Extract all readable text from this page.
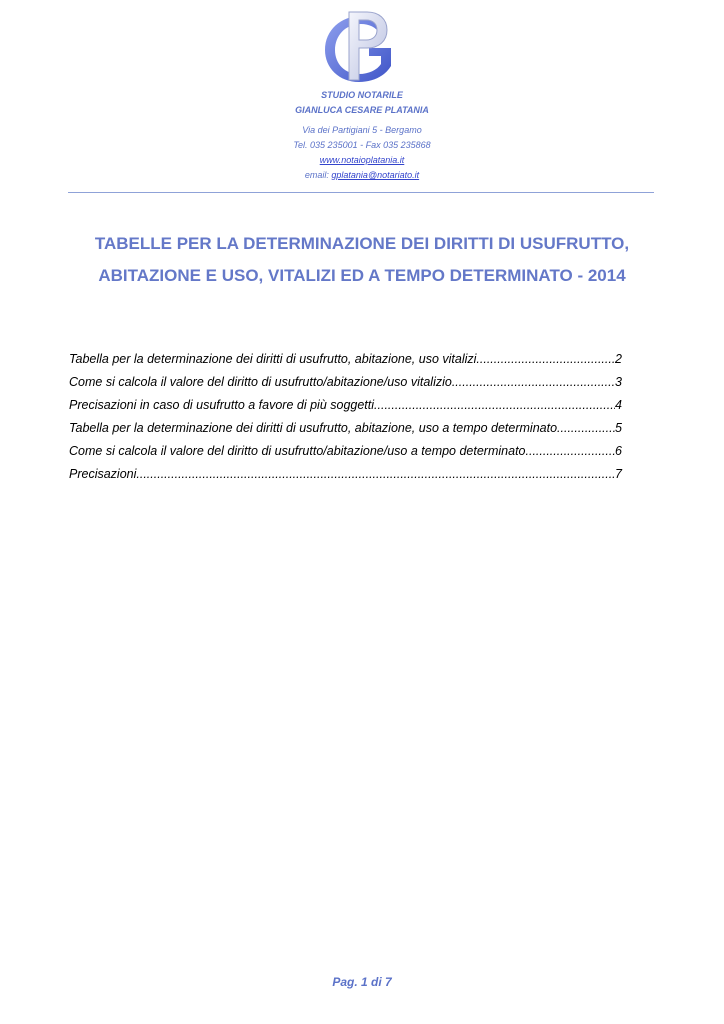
STUDIO NOTARILE
GIANLUCA CESARE PLATANIA
Via dei Partigiani 5 - Bergamo
Tel. 035 235001 - Fax 035 235868
www.notaioplatania.it
email: gplatania@notariato.it
TABELLE PER LA DETERMINAZIONE DEI DIRITTI DI USUFRUTTO,
ABITAZIONE E USO, VITALIZI ED A TEMPO DETERMINATO - 2014
Tabella per la determinazione dei diritti di usufrutto, abitazione, uso vitalizi .....	2
Come si calcola il valore del diritto di usufrutto/abitazione/uso vitalizio .....	3
Precisazioni in caso di usufrutto a favore di più soggetti .....	4
Tabella per la determinazione dei diritti di usufrutto, abitazione, uso a tempo determinato .....	5
Come si calcola il valore del diritto di usufrutto/abitazione/uso a tempo determinato .....	6
Precisazioni .....	7
Pag. 1 di 7
